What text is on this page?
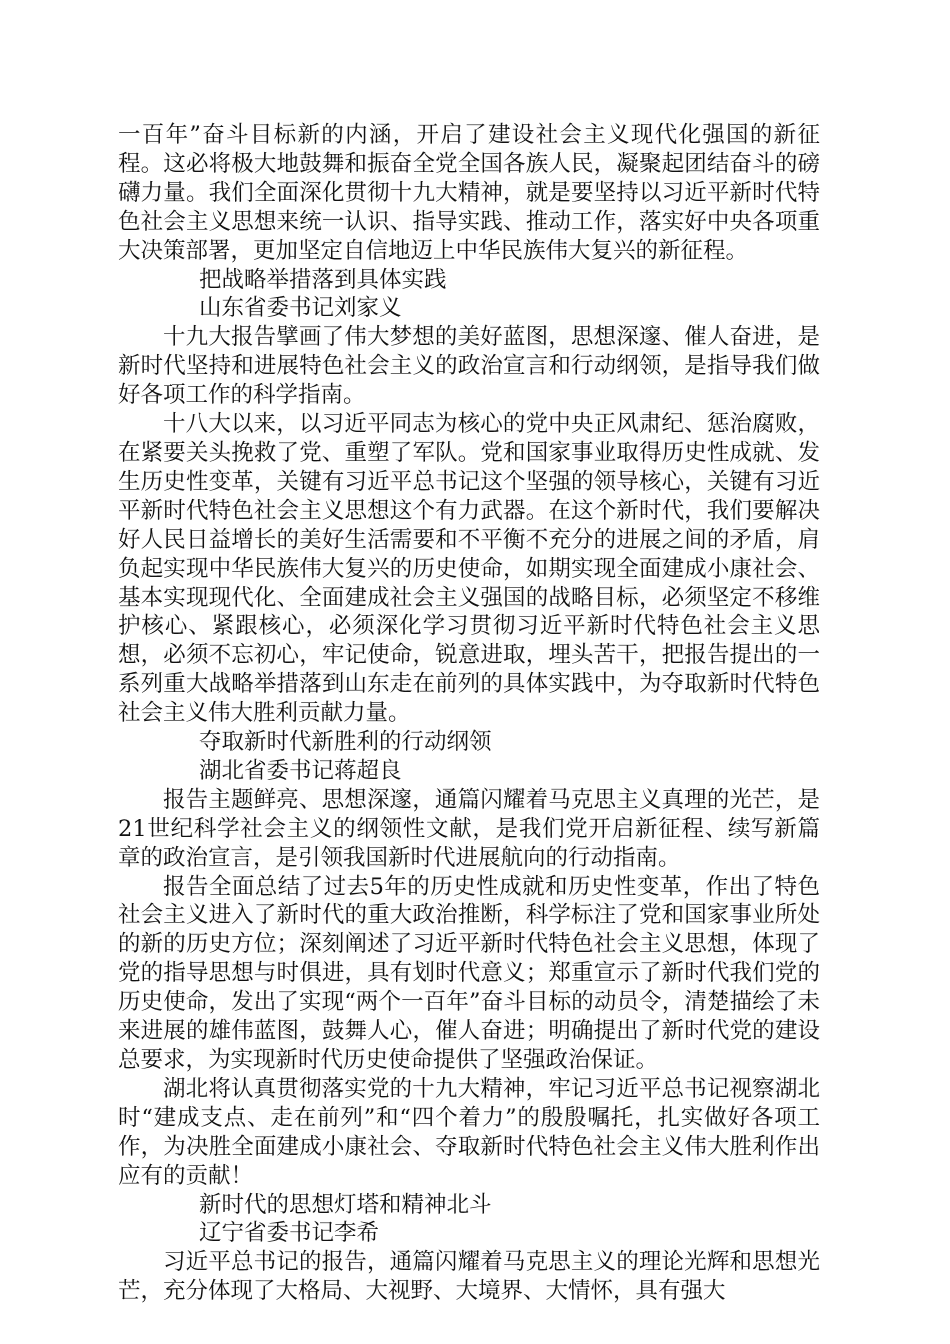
一百年”奋斗目标新的内涵，开启了建设社会主义现代化强国的新征程。这必将极大地鼓舞和振奋全党全国各族人民，凝聚起团结奋斗的磅礴力量。我们全面深化贯彻十九大精神，就是要坚持以习近平新时代特色社会主义思想来统一认识、指导实践、推动工作，落实好中央各项重大决策部署，更加坚定自信地迈上中华民族伟大复兴的新征程。

把战略举措落到具体实践

山东省委书记刘家义

十九大报告擘画了伟大梦想的美好蓝图，思想深邃、催人奋进，是新时代坚持和进展特色社会主义的政治宣言和行动纲领，是指导我们做好各项工作的科学指南。

十八大以来，以习近平同志为核心的党中央正风肃纪、惩治腐败，在紧要关头挽救了党、重塑了军队。党和国家事业取得历史性成就、发生历史性变革，关键有习近平总书记这个坚强的领导核心，关键有习近平新时代特色社会主义思想这个有力武器。在这个新时代，我们要解决好人民日益增长的美好生活需要和不平衡不充分的进展之间的矛盾，肩负起实现中华民族伟大复兴的历史使命，如期实现全面建成小康社会、基本实现现代化、全面建成社会主义强国的战略目标，必须坚定不移维护核心、紧跟核心，必须深化学习贯彻习近平新时代特色社会主义思想，必须不忘初心，牢记使命，锐意进取，埋头苦干，把报告提出的一系列重大战略举措落到山东走在前列的具体实践中，为夺取新时代特色社会主义伟大胜利贡献力量。

夺取新时代新胜利的行动纲领

湖北省委书记蒋超良

报告主题鲜亮、思想深邃，通篇闪耀着马克思主义真理的光芒，是21世纪科学社会主义的纲领性文献，是我们党开启新征程、续写新篇章的政治宣言，是引领我国新时代进展航向的行动指南。

报告全面总结了过去5年的历史性成就和历史性变革，作出了特色社会主义进入了新时代的重大政治推断，科学标注了党和国家事业所处的新的历史方位；深刻阐述了习近平新时代特色社会主义思想，体现了党的指导思想与时俱进，具有划时代意义；郑重宣示了新时代我们党的历史使命，发出了实现“两个一百年”奋斗目标的动员令，清楚描绘了未来进展的雄伟蓝图，鼓舞人心，催人奋进；明确提出了新时代党的建设总要求，为实现新时代历史使命提供了坚强政治保证。

湖北将认真贯彻落实党的十九大精神，牢记习近平总书记视察湖北时“建成支点、走在前列”和“四个着力”的殷殷嘱托，扎实做好各项工作，为决胜全面建成小康社会、夺取新时代特色社会主义伟大胜利作出应有的贡献！

新时代的思想灯塔和精神北斗

辽宁省委书记李希

习近平总书记的报告，通篇闪耀着马克思主义的理论光辉和思想光芒，充分体现了大格局、大视野、大境界、大情怀，具有强大
